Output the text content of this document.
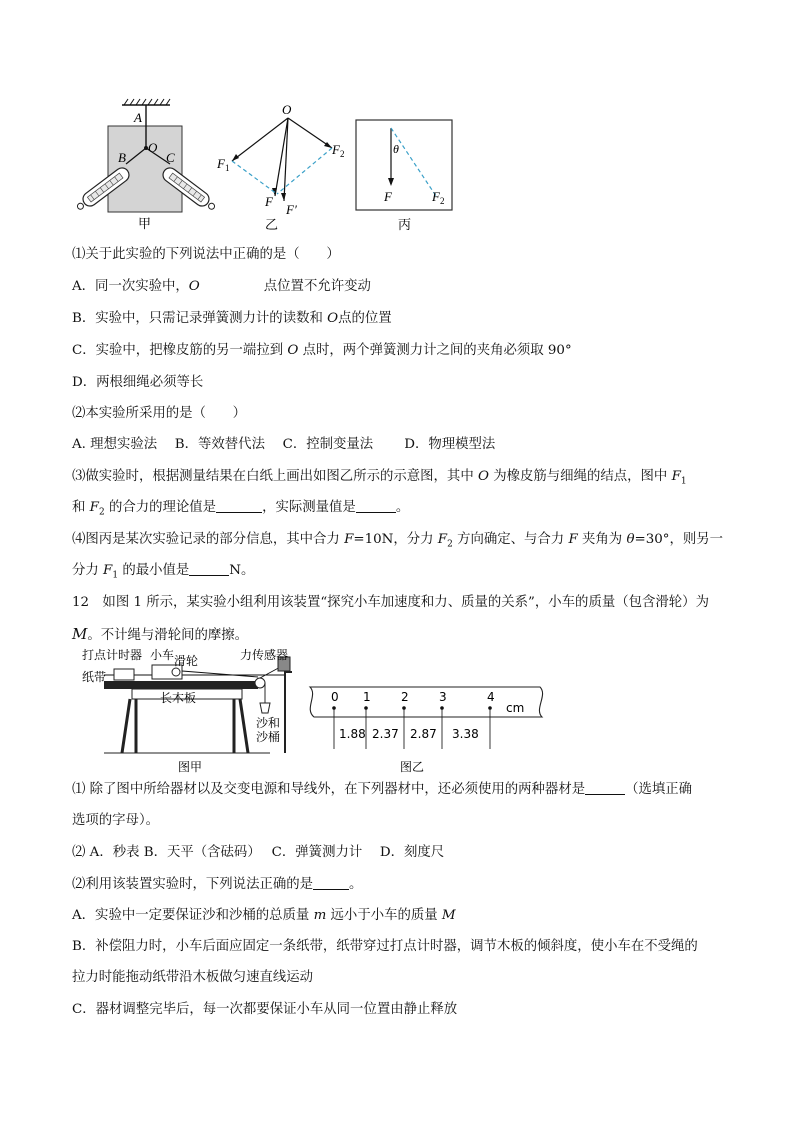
A
B	C
O
甲
O
$F_1$
$F_2$
F
F′
乙
θ
F	$F_2$
丙
⑴关于此实验的下列说法中正确的是（　　）
A．同一次实验中，O	点位置不允许变动
B．实验中，只需记录弹簧测力计的读数和 O点的位置
C．实验中，把橡皮筋的另一端拉到 O 点时，两个弹簧测力计之间的夹角必须取 90°
D．两根细绳必须等长
⑵本实验所采用的是（　　）
A. 理想实验法　 B．等效替代法　 C．控制变量法　　 D．物理模型法
⑶做实验时，根据测量结果在白纸上画出如图乙所示的示意图，其中 O 为橡皮筋与细绳的结点，图中 $F_1$
和 $F_2$ 的合力的理论值是	，实际测量值是	。
⑷图丙是某次实验记录的部分信息，其中合力 F=10N，分力 $F_2$ 方向确定、与合力 F 夹角为 θ=30°，则另一
分力 $F_1$ 的最小值是	N。
12　如图 1 所示，某实验小组利用该装置“探究小车加速度和力、质量的关系”，小车的质量（包含滑轮）为
M。不计绳与滑轮间的摩擦。
打点计时器
纸带
小车 滑轮	力传感器
长木板
沙和
沙桶
图甲
0 1	2	3	4
cm
1.88 2.37 2.87 3.38
图乙
⑴ 除了图中所给器材以及交变电源和导线外，在下列器材中，还必须使用的两种器材是	（选填正确
选项的字母）。
⑵ A．秒表 B．天平（含砝码）　 C．弹簧测力计　 D．刻度尺
⑵利用该装置实验时，下列说法正确的是	。
A．实验中一定要保证沙和沙桶的总质量 m 远小于小车的质量 M
B．补偿阻力时，小车后面应固定一条纸带，纸带穿过打点计时器，调节木板的倾斜度，使小车在不受绳的
拉力时能拖动纸带沿木板做匀速直线运动
C．器材调整完毕后，每一次都要保证小车从同一位置由静止释放
